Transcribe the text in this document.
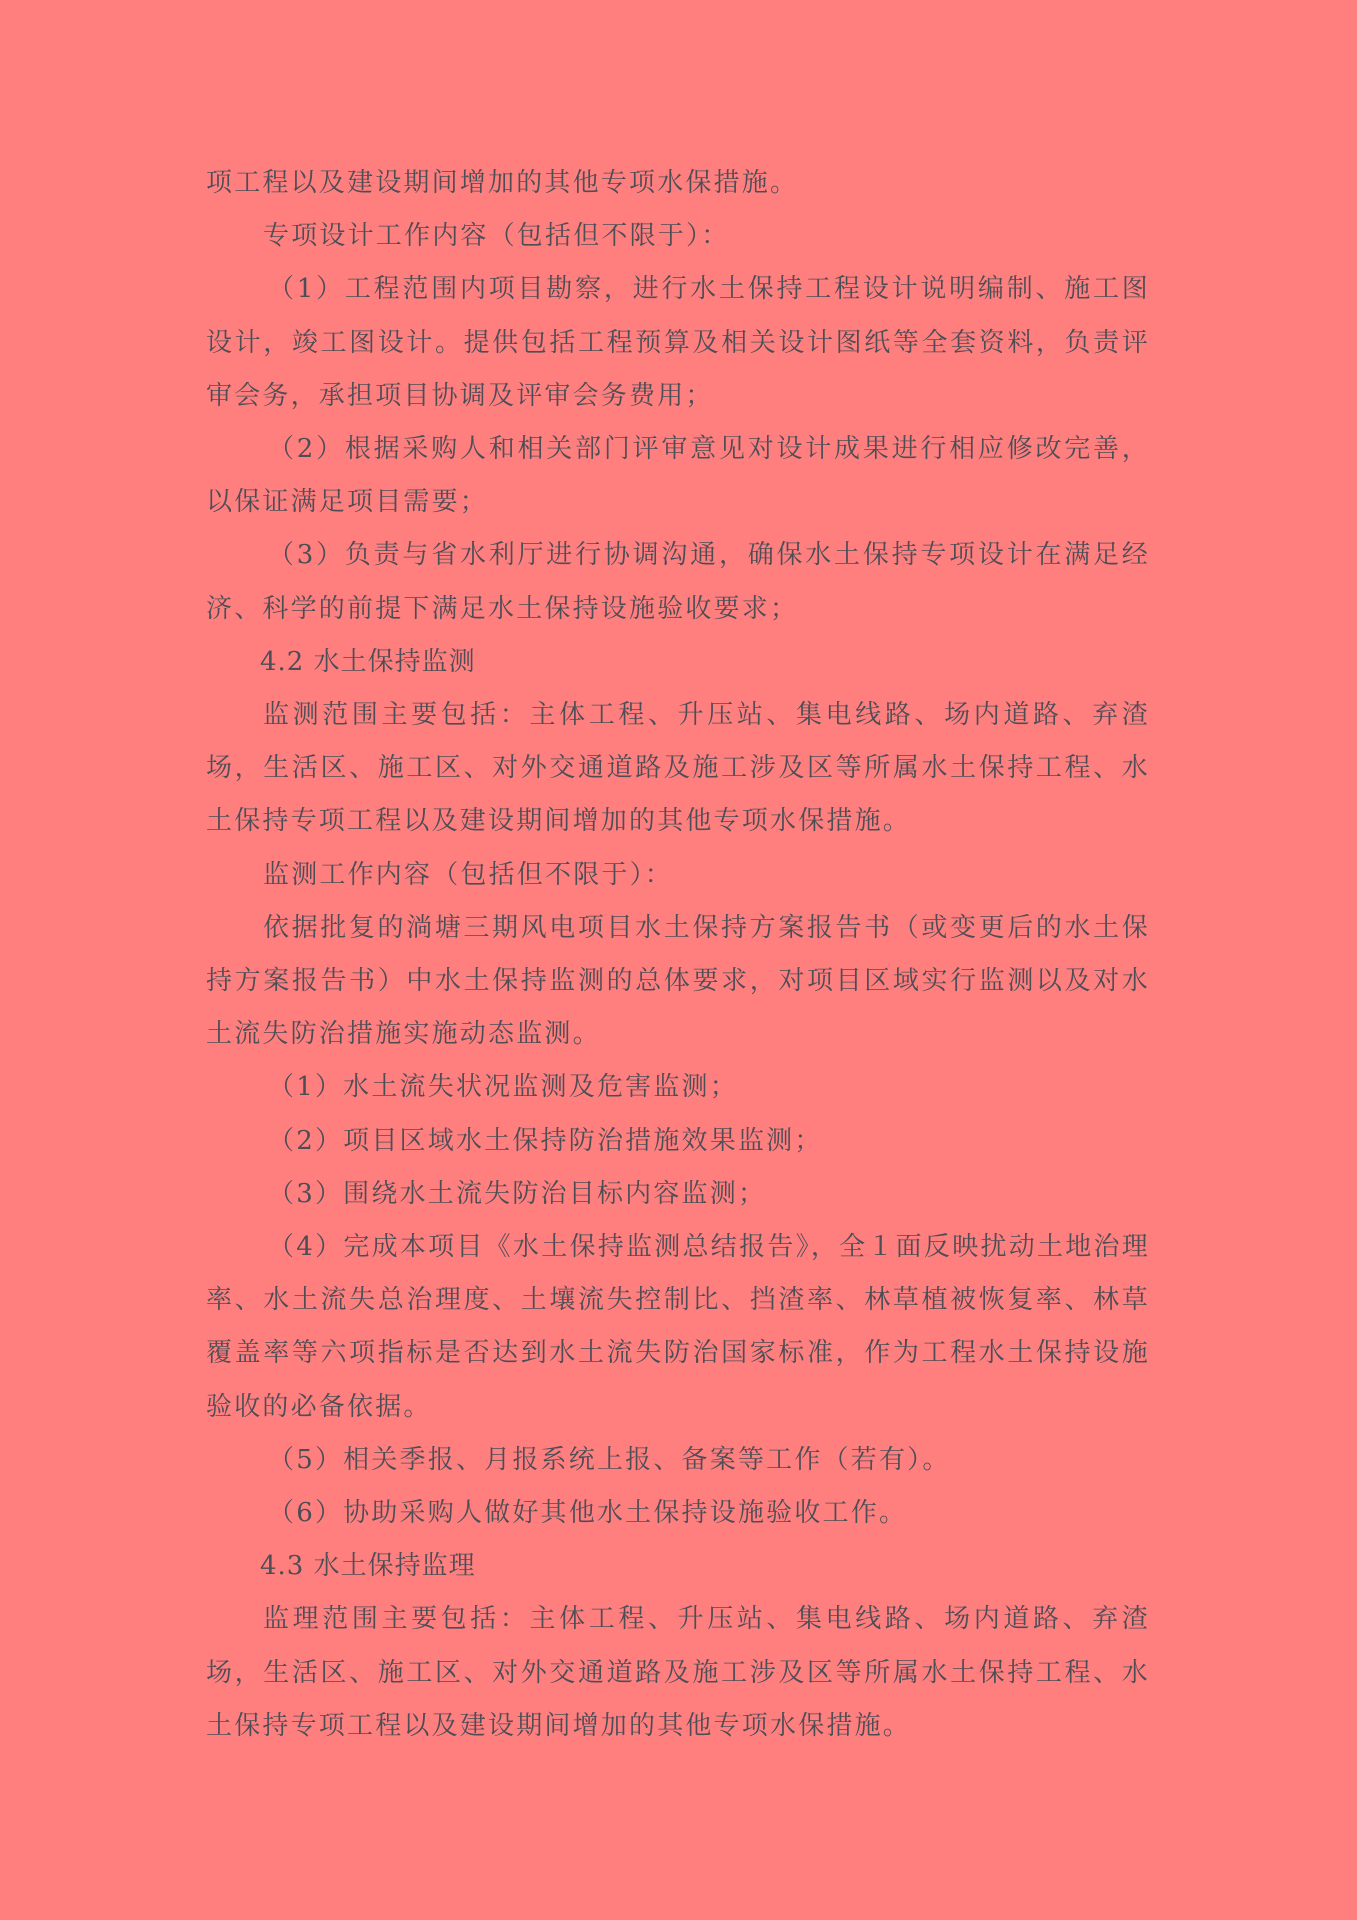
项工程以及建设期间增加的其他专项水保措施。

专项设计工作内容（包括但不限于）：

（1）工程范围内项目勘察，进行水土保持工程设计说明编制、施工图设计，竣工图设计。提供包括工程预算及相关设计图纸等全套资料，负责评审会务，承担项目协调及评审会务费用；

（2）根据采购人和相关部门评审意见对设计成果进行相应修改完善，以保证满足项目需要；

（3）负责与省水利厅进行协调沟通，确保水土保持专项设计在满足经济、科学的前提下满足水土保持设施验收要求；

4.2 水土保持监测

监测范围主要包括：主体工程、升压站、集电线路、场内道路、弃渣场，生活区、施工区、对外交通道路及施工涉及区等所属水土保持工程、水土保持专项工程以及建设期间增加的其他专项水保措施。

监测工作内容（包括但不限于）：

依据批复的淌塘三期风电项目水土保持方案报告书（或变更后的水土保持方案报告书）中水土保持监测的总体要求，对项目区域实行监测以及对水土流失防治措施实施动态监测。

（1）水土流失状况监测及危害监测；

（2）项目区域水土保持防治措施效果监测；

（3）围绕水土流失防治目标内容监测；

（4）完成本项目《水土保持监测总结报告》，全１面反映扰动土地治理率、水土流失总治理度、土壤流失控制比、挡渣率、林草植被恢复率、林草覆盖率等六项指标是否达到水土流失防治国家标准，作为工程水土保持设施验收的必备依据。

（5）相关季报、月报系统上报、备案等工作（若有）。

（6）协助采购人做好其他水土保持设施验收工作。

4.3 水土保持监理

监理范围主要包括：主体工程、升压站、集电线路、场内道路、弃渣场，生活区、施工区、对外交通道路及施工涉及区等所属水土保持工程、水土保持专项工程以及建设期间增加的其他专项水保措施。
